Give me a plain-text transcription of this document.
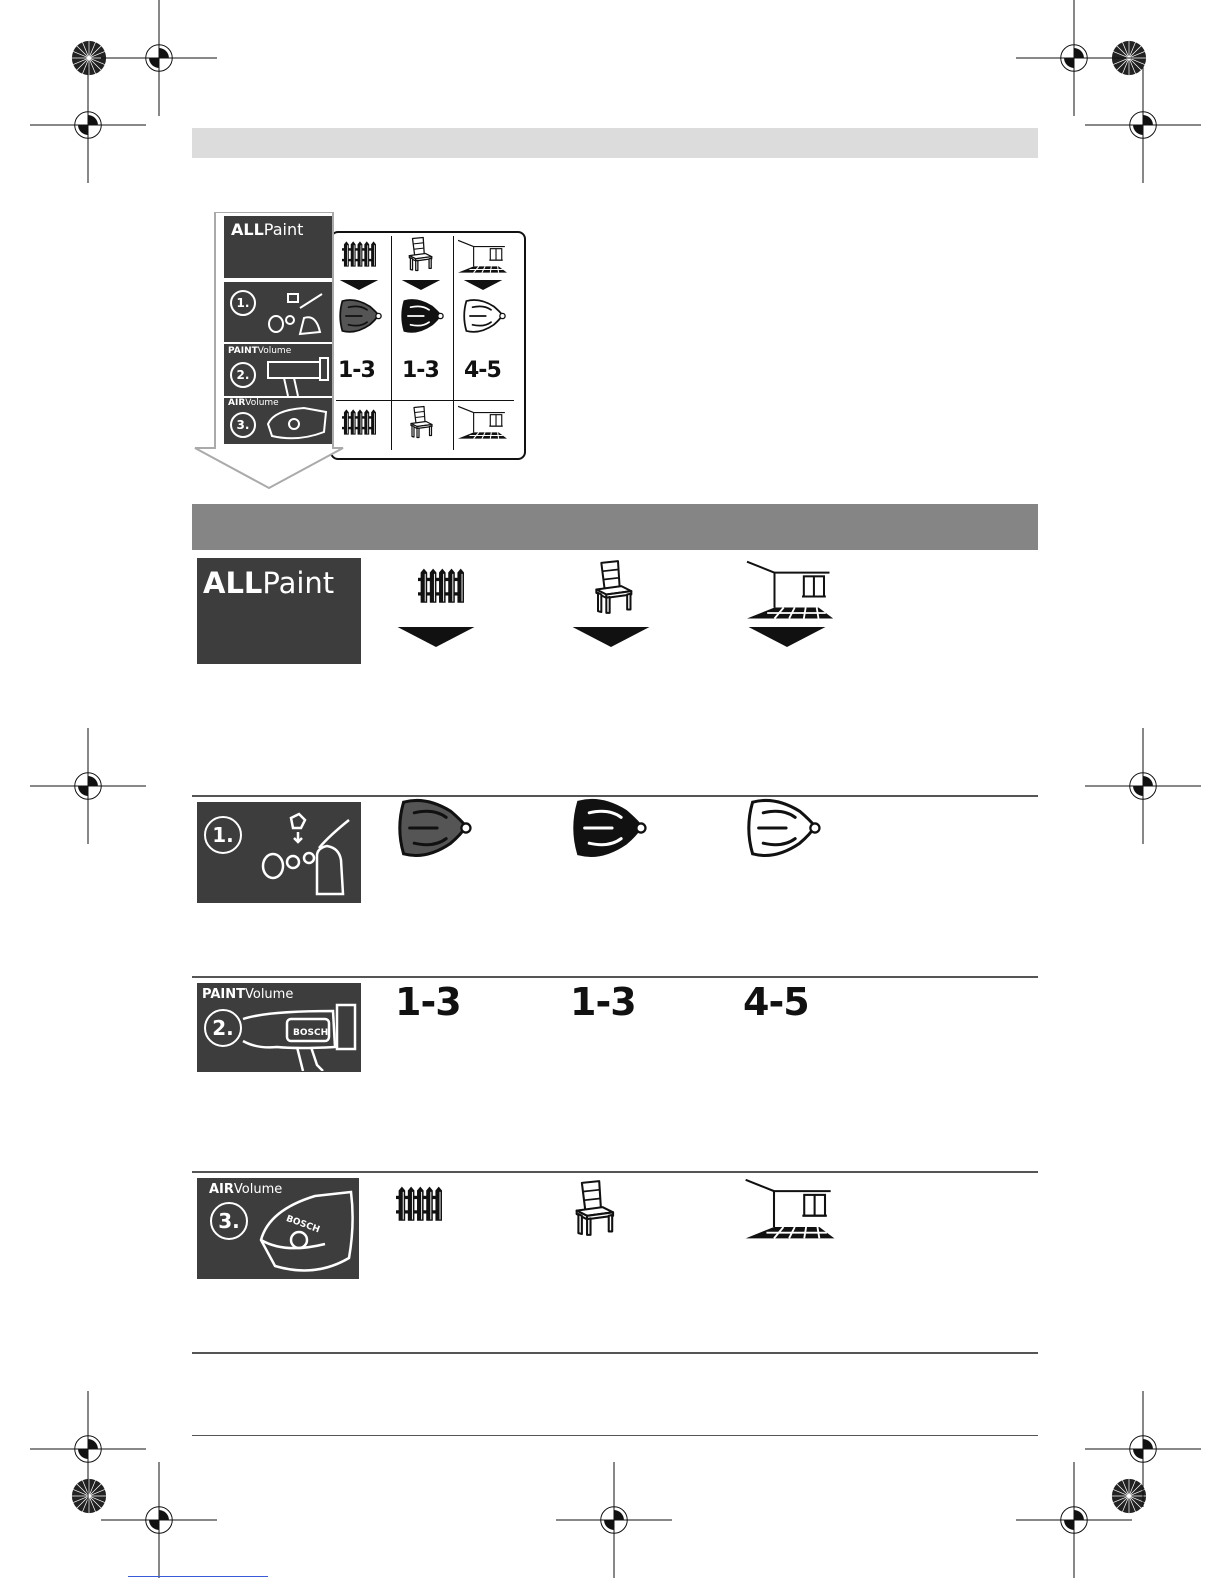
ALLPaint
1.
PAINTVolume
2.
AIRVolume
3.
1-3 1-3 4-5
ALLPaint
1.
PAINTVolume
2.	BOSCH
1-3	1-3	4-5
AIRVolume
3.	BOSCH
